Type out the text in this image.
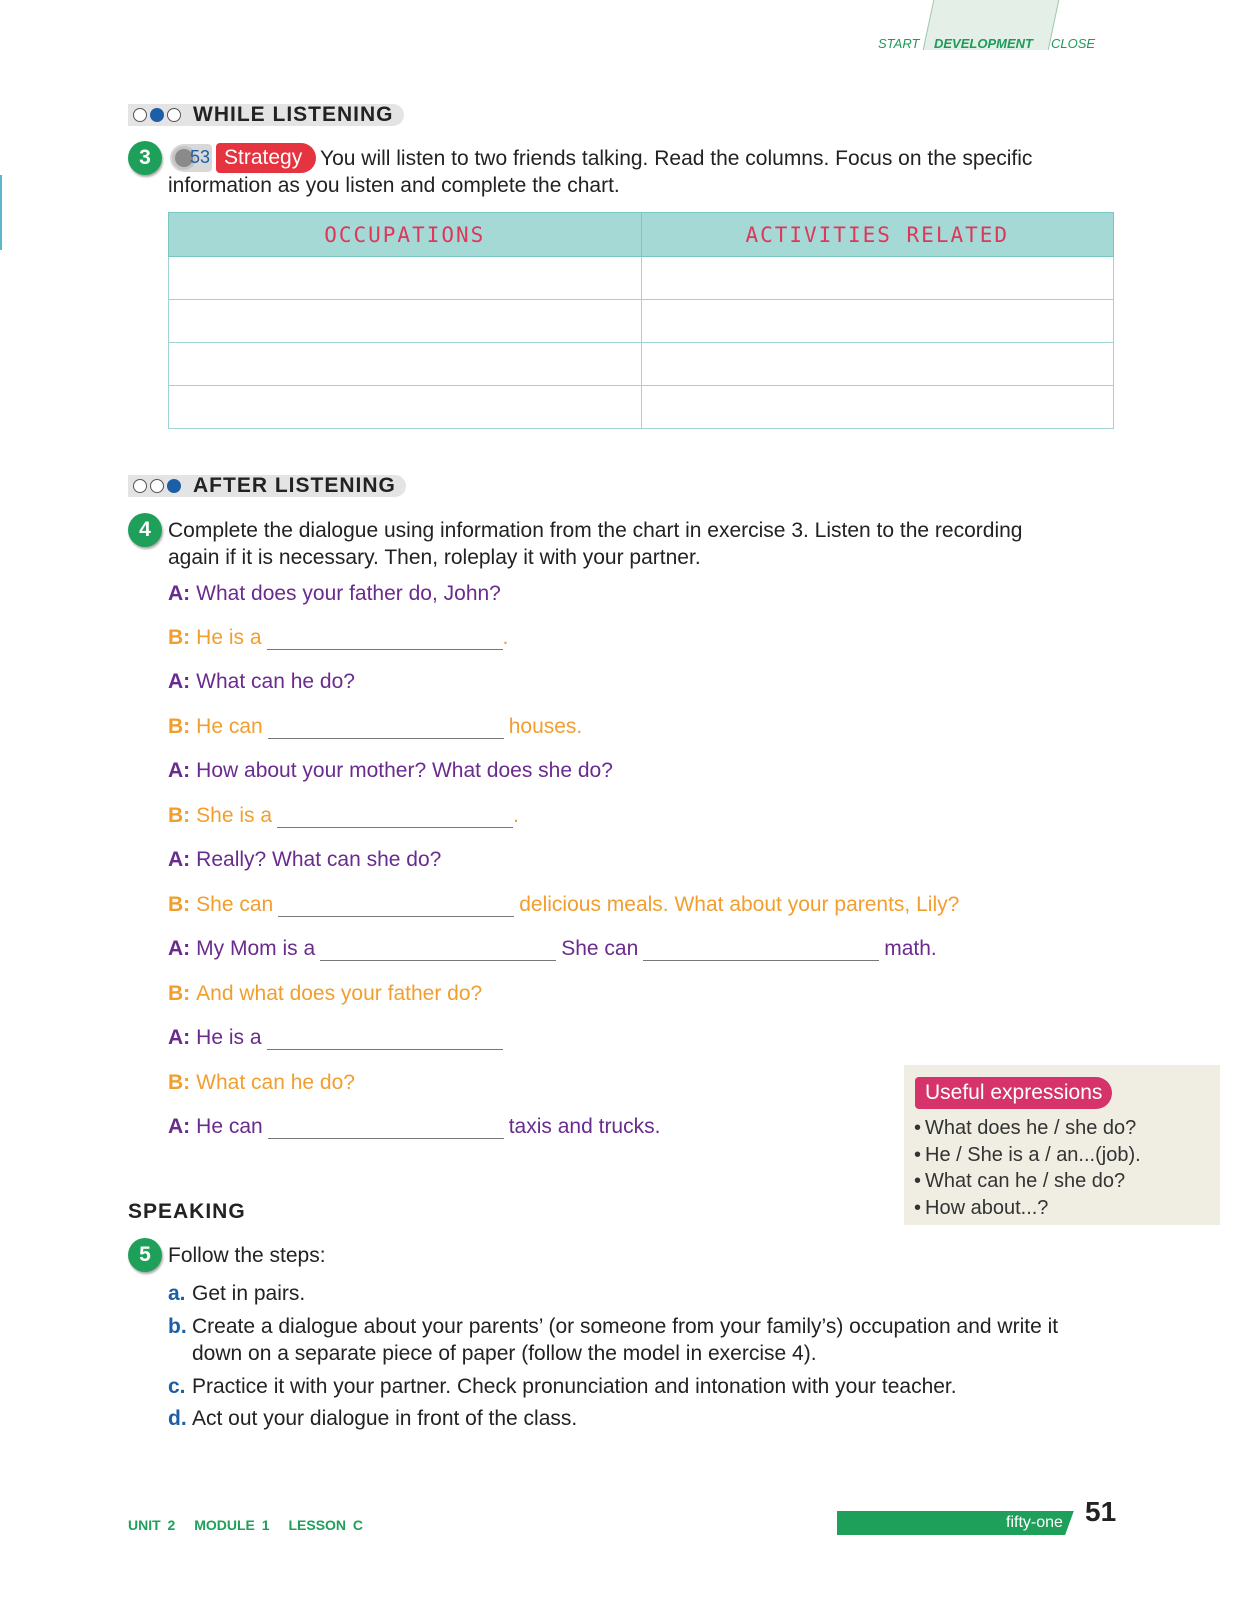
START DEVELOPMENT CLOSE
WHILE LISTENING
3	53 Strategy You will listen to two friends talking. Read the columns. Focus on the specific information as you listen and complete the chart.
OCCUPATIONS	ACTIVITIES RELATED

AFTER LISTENING
4 Complete the dialogue using information from the chart in exercise 3. Listen to the recording again if it is necessary. Then, roleplay it with your partner.
A: What does your father do, John?
B: He is a	.
A: What can he do?
B: He can	houses.
A: How about your mother? What does she do?
B: She is a	.
A: Really? What can she do?
B: She can	delicious meals. What about your parents, Lily?
A: My Mom is a	She can	math.
B: And what does your father do?
A: He is a
B: What can he do?
A: He can	taxis and trucks.
Useful expressions
• What does he / she do?
• He / She is a / an...(job).
• What can he / she do?
• How about...?
SPEAKING
5 Follow the steps:
a. Get in pairs.
b. Create a dialogue about your parents’ (or someone from your family’s) occupation and write it down on a separate piece of paper (follow the model in exercise 4).
c. Practice it with your partner. Check pronunciation and intonation with your teacher.
d. Act out your dialogue in front of the class.
UNIT 2 MODULE 1 LESSON C	fifty-one 51
